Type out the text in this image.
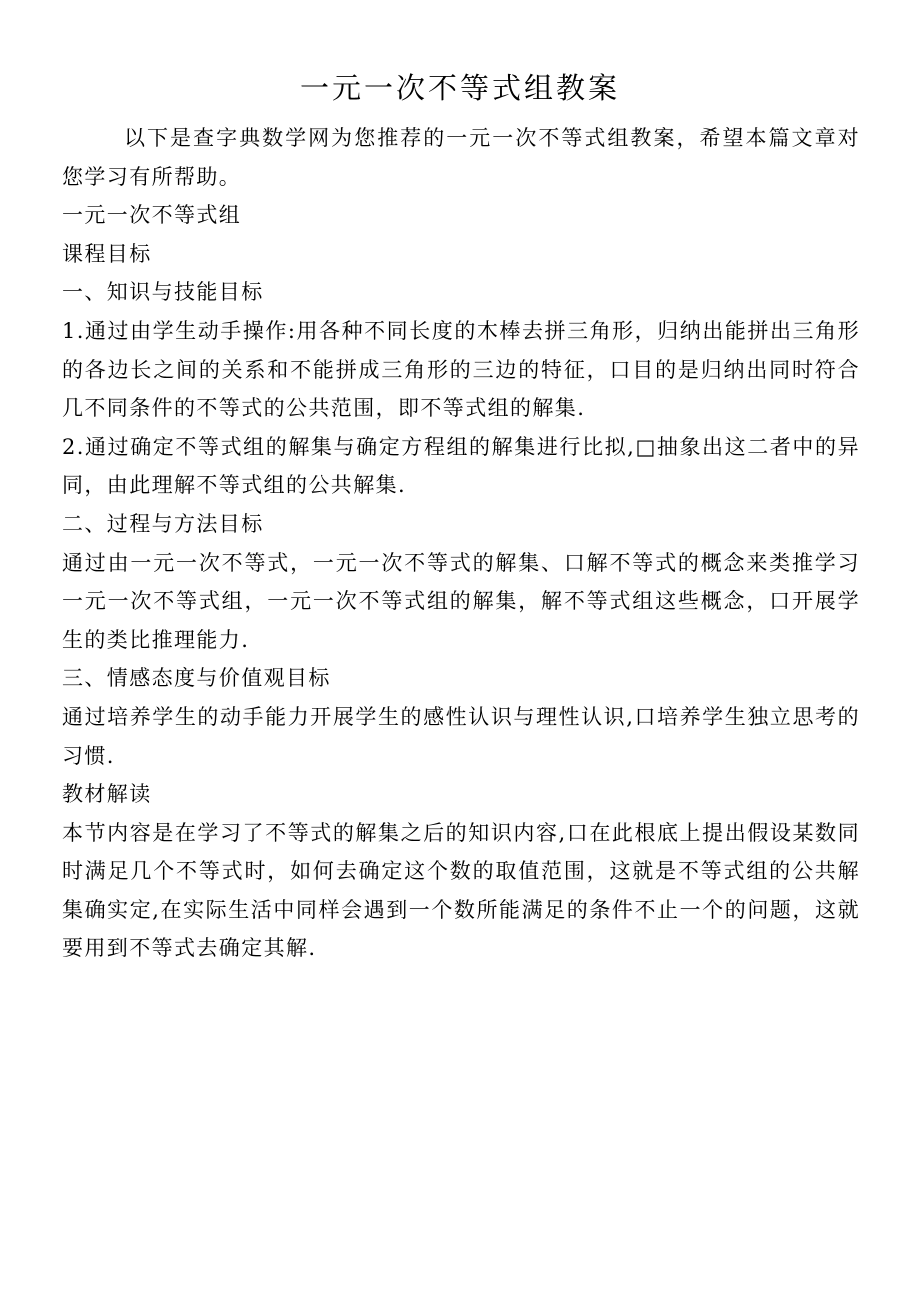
一元一次不等式组教案

以下是查字典数学网为您推荐的一元一次不等式组教案，希望本篇文章对您学习有所帮助。

一元一次不等式组

课程目标

一、知识与技能目标

1.通过由学生动手操作:用各种不同长度的木棒去拼三角形，归纳出能拼出三角形的各边长之间的关系和不能拼成三角形的三边的特征，口目的是归纳出同时符合几不同条件的不等式的公共范围，即不等式组的解集.

2.通过确定不等式组的解集与确定方程组的解集进行比拟,□抽象出这二者中的异同，由此理解不等式组的公共解集.

二、过程与方法目标

通过由一元一次不等式，一元一次不等式的解集、口解不等式的概念来类推学习一元一次不等式组，一元一次不等式组的解集，解不等式组这些概念，口开展学生的类比推理能力.

三、情感态度与价值观目标

通过培养学生的动手能力开展学生的感性认识与理性认识,口培养学生独立思考的习惯.

教材解读

本节内容是在学习了不等式的解集之后的知识内容,口在此根底上提出假设某数同时满足几个不等式时，如何去确定这个数的取值范围，这就是不等式组的公共解集确实定,在实际生活中同样会遇到一个数所能满足的条件不止一个的问题，这就要用到不等式去确定其解.
